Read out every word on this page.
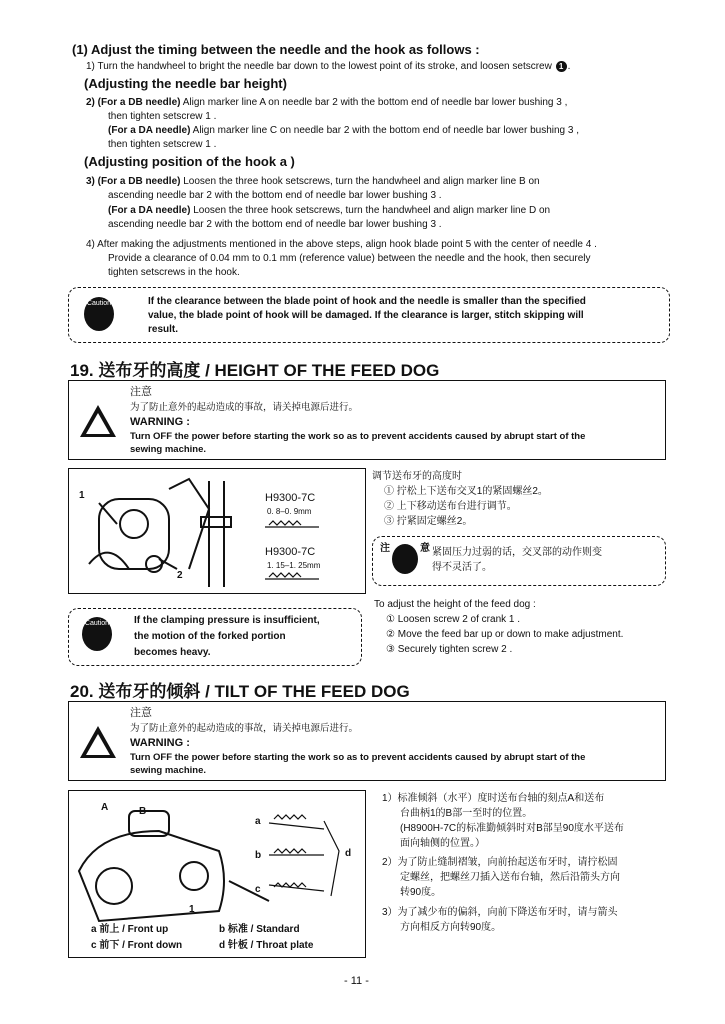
(1) Adjust the timing between the needle and the hook as follows :
1) Turn the handwheel to bright the needle bar down to the lowest point of its stroke, and loosen setscrew 1 .
(Adjusting the needle bar height)
2) (For a DB needle) Align marker line A on needle bar 2 with the bottom end of needle bar lower bushing 3 ,
then tighten setscrew 1 .
(For a DA needle) Align marker line C on needle bar 2 with the bottom end of needle bar lower bushing 3 ,
then tighten setscrew 1 .
(Adjusting position of the hook a )
3) (For a DB needle) Loosen the three hook setscrews, turn the handwheel and align marker line B on
ascending needle bar 2 with the bottom end of needle bar lower bushing 3 .
(For a DA needle) Loosen the three hook setscrews, turn the handwheel and align marker line D on
ascending needle bar 2 with the bottom end of needle bar lower bushing 3 .
4) After making the adjustments mentioned in the above steps, align hook blade point 5 with the center of needle 4 .
Provide a clearance of 0.04 mm to 0.1 mm (reference value) between the needle and the hook, then securely
tighten setscrews in the hook.
Caution	If the clearance between the blade point of hook and the needle is smaller than the specified
value, the blade point of hook will be damaged. If the clearance is larger, stitch skipping will
result.
19. 送布牙的高度 / HEIGHT OF THE FEED DOG
注意
为了防止意外的起动造成的事故，请关掉电源后进行。
WARNING :
Turn OFF the power before starting the work so as to prevent accidents caused by abrupt start of the
sewing machine.
1
2
H9300-7C
0. 8–0. 9mm
H9300-7C
1. 15–1. 25mm
调节送布牙的高度时
① 拧松上下送布交叉1的紧固螺丝2。
② 上下移动送布台进行调节。
③ 拧紧固定螺丝2。
注	意 紧固压力过弱的话，交叉部的动作则变
得不灵活了。
To adjust the height of the feed dog :
① Loosen screw 2 of crank 1 .
② Move the feed bar up or down to make adjustment.
③ Securely tighten screw 2 .
Caution If the clamping pressure is insufficient,
the motion of the forked portion
becomes heavy.
20. 送布牙的倾斜 / TILT OF THE FEED DOG
注意
为了防止意外的起动造成的事故，请关掉电源后进行。
WARNING :
Turn OFF the power before starting the work so as to prevent accidents caused by abrupt start of the
sewing machine.
A	B
a
b
c
d
1
a 前上 / Front up	b 标准 / Standard
c 前下 / Front down	d 针板 / Throat plate
1）标准倾斜（水平）度时送布台轴的刻点A和送布
台曲柄1的B部一至时的位置。
(H8900H-7C的标准勤倾斜时对B部呈90度水平送布
面向轴侧的位置。）
2）为了防止缝制褶皱，向前抬起送布牙时，请拧松固
定螺丝，把螺丝刀插入送布台轴，然后沿箭头方向
转90度。
3）为了减少布的偏斜，向前下降送布牙时，请与箭头
方向相反方向转90度。
- 11 -
